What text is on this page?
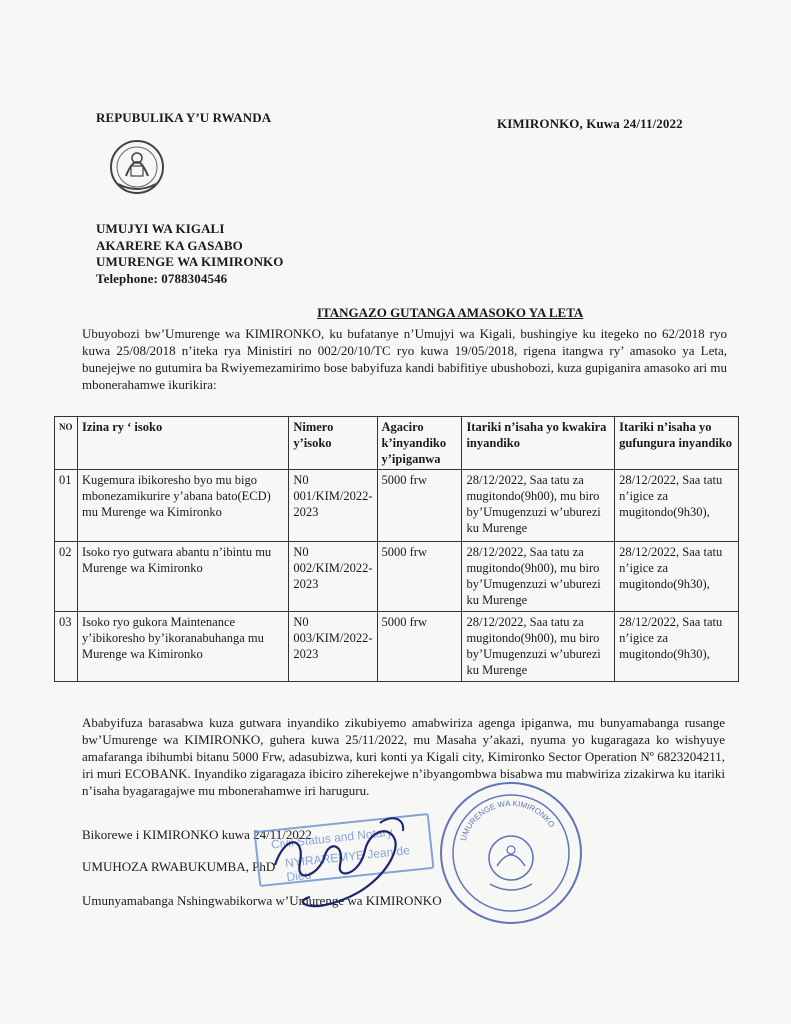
REPUBULIKA Y’U RWANDA	KIMIRONKO, Kuwa 24/11/2022
UMUJYI WA KIGALI
AKARERE KA GASABO
UMURENGE WA KIMIRONKO
Telephone: 0788304546
ITANGAZO GUTANGA AMASOKO YA LETA
Ubuyobozi bw’Umurenge wa KIMIRONKO, ku bufatanye n’Umujyi wa Kigali, bushingiye ku itegeko no 62/2018 ryo kuwa 25/08/2018 n’iteka rya Ministiri no 002/20/10/TC ryo kuwa 19/05/2018, rigena itangwa ry’ amasoko ya Leta, bunejejwe no gutumira ba Rwiyemezamirimo bose babyifuza kandi babifitiye ubushobozi, kuza gupiganira amasoko ari mu mbonerahamwe ikurikira:
NO	Izina ry ‘ isoko	Nimero y’isoko	Agaciro k’inyandiko y’ipiganwa	Itariki n’isaha yo kwakira inyandiko	Itariki n’isaha yo gufungura inyandiko
01	Kugemura ibikoresho byo mu bigo mbonezamikurire y’abana bato(ECD) mu Murenge wa Kimironko	N0 001/KIM/2022-2023	5000 frw	28/12/2022, Saa tatu za mugitondo(9h00), mu biro by’Umugenzuzi w’uburezi ku Murenge	28/12/2022, Saa tatu n’igice za mugitondo(9h30),
02	Isoko ryo gutwara abantu n’ibintu mu Murenge wa Kimironko	N0 002/KIM/2022-2023	5000 frw	28/12/2022, Saa tatu za mugitondo(9h00), mu biro by’Umugenzuzi w’uburezi ku Murenge	28/12/2022, Saa tatu n’igice za mugitondo(9h30),
03	Isoko ryo gukora Maintenance y’ibikoresho by’ikoranabuhanga mu Murenge wa Kimironko	N0 003/KIM/2022-2023	5000 frw	28/12/2022, Saa tatu za mugitondo(9h00), mu biro by’Umugenzuzi w’uburezi ku Murenge	28/12/2022, Saa tatu n’igice za mugitondo(9h30),
Ababyifuza barasabwa kuza gutwara inyandiko zikubiyemo amabwiriza agenga ipiganwa, mu bunyamabanga rusange bw’Umurenge wa KIMIRONKO, guhera kuwa 25/11/2022, mu Masaha y’akazi, nyuma yo kugaragaza ko wishyuye amafaranga ibihumbi bitanu 5000 Frw, adasubizwa, kuri konti ya Kigali city, Kimironko Sector Operation Nº 6823204211, iri muri ECOBANK. Inyandiko zigaragaza ibiciro ziherekejwe n’ibyangombwa bisabwa mu mabwiriza zizakirwa ku itariki n’isaha byagaragajwe mu mbonerahamwe iri haruguru.
Bikorewe i KIMIRONKO kuwa 24/11/2022
UMUHOZA RWABUKUMBA, PhD
Umunyamabanga Nshingwabikorwa w’Umurenge wa KIMIRONKO
Civil Status and Notary
NYIRAREMYE Jean de Dieu
UMURENGE WA KIMIRONKO
